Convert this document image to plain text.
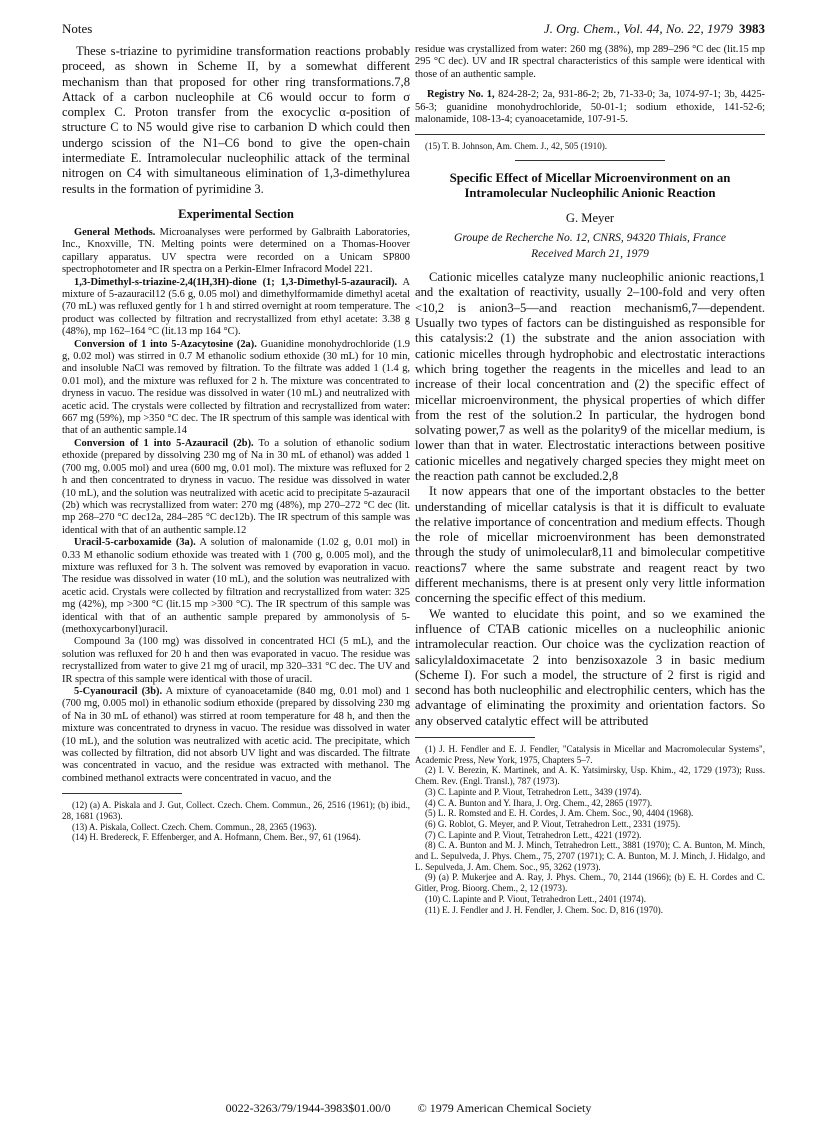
Notes	J. Org. Chem., Vol. 44, No. 22, 1979 3983

These s-triazine to pyrimidine transformation reactions probably proceed, as shown in Scheme II, by a somewhat different mechanism than that proposed for other ring transformations.7,8 Attack of a carbon nucleophile at C6 would occur to form σ complex C. Proton transfer from the exocyclic α-position of structure C to N5 would give rise to carbanion D which could then undergo scission of the N1–C6 bond to give the open-chain intermediate E. Intramolecular nucleophilic attack of the terminal nitrogen on C4 with simultaneous elimination of 1,3-dimethylurea results in the formation of pyrimidine 3.

Experimental Section

General Methods. Microanalyses were performed by Galbraith Laboratories, Inc., Knoxville, TN. Melting points were determined on a Thomas-Hoover capillary apparatus. UV spectra were recorded on a Unicam SP800 spectrophotometer and IR spectra on a Perkin-Elmer Infracord Model 221.

1,3-Dimethyl-s-triazine-2,4(1H,3H)-dione (1; 1,3-Dimethyl-5-azauracil). A mixture of 5-azauracil12 (5.6 g, 0.05 mol) and dimethylformamide dimethyl acetal (70 mL) was refluxed gently for 1 h and stirred overnight at room temperature. The product was collected by filtration and recrystallized from ethyl acetate: 3.38 g (48%), mp 162–164 °C (lit.13 mp 164 °C).

Conversion of 1 into 5-Azacytosine (2a). Guanidine monohydrochloride (1.9 g, 0.02 mol) was stirred in 0.7 M ethanolic sodium ethoxide (30 mL) for 10 min, and insoluble NaCl was removed by filtration. To the filtrate was added 1 (1.4 g, 0.01 mol), and the mixture was refluxed for 2 h. The mixture was concentrated to dryness in vacuo. The residue was dissolved in water (10 mL) and neutralized with acetic acid. The crystals were collected by filtration and recrystallized from water: 667 mg (59%), mp >350 °C dec. The IR spectrum of this sample was identical with that of an authentic sample.14

Conversion of 1 into 5-Azauracil (2b). To a solution of ethanolic sodium ethoxide (prepared by dissolving 230 mg of Na in 30 mL of ethanol) was added 1 (700 mg, 0.005 mol) and urea (600 mg, 0.01 mol). The mixture was refluxed for 2 h and then concentrated to dryness in vacuo. The residue was dissolved in water (10 mL), and the solution was neutralized with acetic acid to precipitate 5-azauracil (2b) which was recrystallized from water: 270 mg (48%), mp 270–272 °C dec (lit. mp 268–270 °C dec12a, 284–285 °C dec12b). The IR spectrum of this sample was identical with that of an authentic sample.12

Uracil-5-carboxamide (3a). A solution of malonamide (1.02 g, 0.01 mol) in 0.33 M ethanolic sodium ethoxide was treated with 1 (700 g, 0.005 mol), and the mixture was refluxed for 3 h. The solvent was removed by evaporation in vacuo. The residue was dissolved in water (10 mL), and the solution was neutralized with acetic acid. Crystals were collected by filtration and recrystallized from water: 325 mg (42%), mp >300 °C (lit.15 mp >300 °C). The IR spectrum of this sample was identical with that of an authentic sample prepared by ammonolysis of 5-(methoxycarbonyl)uracil.

Compound 3a (100 mg) was dissolved in concentrated HCl (5 mL), and the solution was refluxed for 20 h and then was evaporated in vacuo. The residue was recrystallized from water to give 21 mg of uracil, mp 320–331 °C dec. The UV and IR spectra of this sample were identical with those of uracil.

5-Cyanouracil (3b). A mixture of cyanoacetamide (840 mg, 0.01 mol) and 1 (700 mg, 0.005 mol) in ethanolic sodium ethoxide (prepared by dissolving 230 mg of Na in 30 mL of ethanol) was stirred at room temperature for 48 h, and then the mixture was concentrated to dryness in vacuo. The residue was dissolved in water (10 mL), and the solution was neutralized with acetic acid. The precipitate, which was collected by filtration, did not absorb UV light and was discarded. The filtrate was concentrated in vacuo, and the residue was extracted with methanol. The combined methanol extracts were concentrated in vacuo, and the

(12) (a) A. Piskala and J. Gut, Collect. Czech. Chem. Commun., 26, 2516 (1961); (b) ibid., 28, 1681 (1963).

(13) A. Piskala, Collect. Czech. Chem. Commun., 28, 2365 (1963).

(14) H. Bredereck, F. Effenberger, and A. Hofmann, Chem. Ber., 97, 61 (1964).

residue was crystallized from water: 260 mg (38%), mp 289–296 °C dec (lit.15 mp 295 °C dec). UV and IR spectral characteristics of this sample were identical with those of an authentic sample.

Registry No. 1, 824-28-2; 2a, 931-86-2; 2b, 71-33-0; 3a, 1074-97-1; 3b, 4425-56-3; guanidine monohydrochloride, 50-01-1; sodium ethoxide, 141-52-6; malonamide, 108-13-4; cyanoacetamide, 107-91-5.

(15) T. B. Johnson, Am. Chem. J., 42, 505 (1910).

Specific Effect of Micellar Microenvironment on an Intramolecular Nucleophilic Anionic Reaction
G. Meyer
Groupe de Recherche No. 12, CNRS, 94320 Thiais, France
Received March 21, 1979

Cationic micelles catalyze many nucleophilic anionic reactions,1 and the exaltation of reactivity, usually 2–100-fold and very often <10,2 is anion3–5—and reaction mechanism6,7—dependent. Usually two types of factors can be distinguished as responsible for this catalysis:2 (1) the substrate and the anion association with cationic micelles through hydrophobic and electrostatic interactions which bring together the reagents in the micelles and lead to an increase of their local concentration and (2) the specific effect of micellar microenvironment, the physical properties of which differ from the rest of the solution.2 In particular, the hydrogen bond solvating power,7 as well as the polarity9 of the micellar medium, is lower than that in water. Electrostatic interactions between positive cationic micelles and negatively charged species they might meet on the reaction path cannot be excluded.2,8

It now appears that one of the important obstacles to the better understanding of micellar catalysis is that it is difficult to evaluate the relative importance of concentration and medium effects. Though the role of micellar microenvironment has been demonstrated through the study of unimolecular8,11 and bimolecular competitive reactions7 where the same substrate and reagent react by two different mechanisms, there is at present only very little information concerning the specific effect of this medium.

We wanted to elucidate this point, and so we examined the influence of CTAB cationic micelles on a nucleophilic anionic intramolecular reaction. Our choice was the cyclization reaction of salicylaldoximacetate 2 into benzisoxazole 3 in basic medium (Scheme I). For such a model, the structure of 2 first is rigid and second has both nucleophilic and electrophilic centers, which has the advantage of eliminating the proximity and orientation factors. So any observed catalytic effect will be attributed

(1) J. H. Fendler and E. J. Fendler, "Catalysis in Micellar and Macromolecular Systems", Academic Press, New York, 1975, Chapters 5–7.

(2) I. V. Berezin, K. Martinek, and A. K. Yatsimirsky, Usp. Khim., 42, 1729 (1973); Russ. Chem. Rev. (Engl. Transl.), 787 (1973).

(3) C. Lapinte and P. Viout, Tetrahedron Lett., 3439 (1974).

(4) C. A. Bunton and Y. Ihara, J. Org. Chem., 42, 2865 (1977).

(5) L. R. Romsted and E. H. Cordes, J. Am. Chem. Soc., 90, 4404 (1968).

(6) G. Roblot, G. Meyer, and P. Viout, Tetrahedron Lett., 2331 (1975).

(7) C. Lapinte and P. Viout, Tetrahedron Lett., 4221 (1972).

(8) C. A. Bunton and M. J. Minch, Tetrahedron Lett., 3881 (1970); C. A. Bunton, M. Minch, and L. Sepulveda, J. Phys. Chem., 75, 2707 (1971); C. A. Bunton, M. J. Minch, J. Hidalgo, and L. Sepulveda, J. Am. Chem. Soc., 95, 3262 (1973).

(9) (a) P. Mukerjee and A. Ray, J. Phys. Chem., 70, 2144 (1966); (b) E. H. Cordes and C. Gitler, Prog. Bioorg. Chem., 2, 12 (1973).

(10) C. Lapinte and P. Viout, Tetrahedron Lett., 2401 (1974).

(11) E. J. Fendler and J. H. Fendler, J. Chem. Soc. D, 816 (1970).

0022-3263/79/1944-3983$01.00/0 © 1979 American Chemical Society
